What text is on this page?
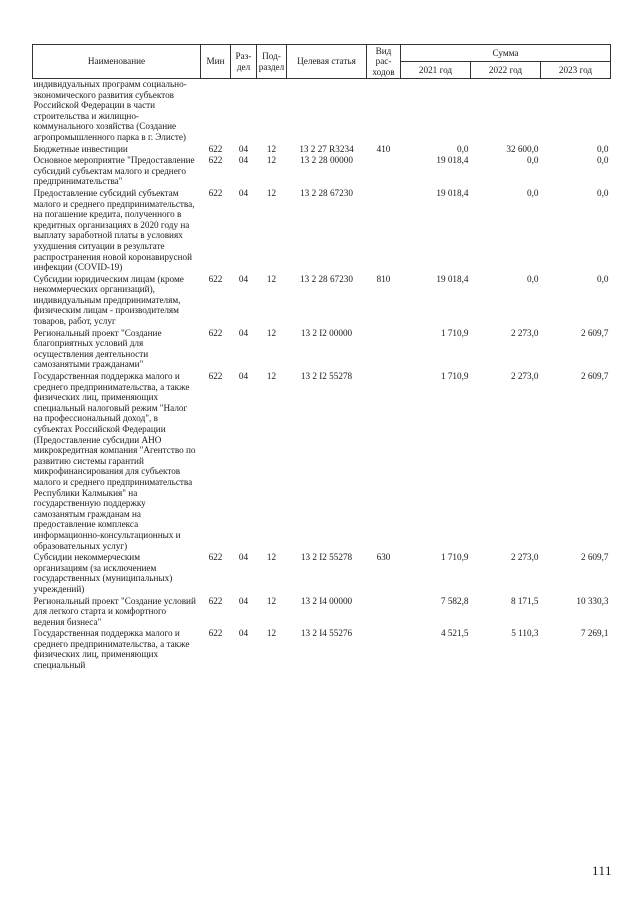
Наименование	Мин	Раз-дел	Под-раздел	Целевая статья	Вид рас-ходов	Сумма		
						2021 год	2022 год	2023 год
индивидуальных программ социально-экономического развития субъектов Российской Федерации в части строительства и жилищно-коммунального хозяйства (Создание агропромышленного парка в г. Элисте)								
Бюджетные инвестиции	622	04	12	13 2 27 R3234	410	0,0	32 600,0	0,0
Основное мероприятие "Предоставление субсидий субъектам малого и среднего предпринимательства"	622	04	12	13 2 28 00000		19 018,4	0,0	0,0
Предоставление субсидий субъектам малого и среднего предпринимательства, на погашение кредита, полученного в кредитных организациях в 2020 году на выплату заработной платы в условиях ухудшения ситуации в результате распространения новой коронавирусной инфекции (COVID-19)	622	04	12	13 2 28 67230		19 018,4	0,0	0,0
Субсидии юридическим лицам (кроме некоммерческих организаций), индивидуальным предпринимателям, физическим лицам - производителям товаров, работ, услуг	622	04	12	13 2 28 67230	810	19 018,4	0,0	0,0
Региональный проект "Создание благоприятных условий для осуществления деятельности самозанятыми гражданами"	622	04	12	13 2 I2 00000		1 710,9	2 273,0	2 609,7
Государственная поддержка малого и среднего предпринимательства, а также физических лиц, применяющих специальный налоговый режим "Налог на профессиональный доход", в субъектах Российской Федерации (Предоставление субсидии АНО микрокредитная компания "Агентство по развитию системы гарантий микрофинансирования для субъектов малого и среднего предпринимательства Республики Калмыкия" на государственную поддержку самозанятым гражданам на предоставление комплекса информационно-консультационных и образовательных услуг)	622	04	12	13 2 I2 55278		1 710,9	2 273,0	2 609,7
Субсидии некоммерческим организациям (за исключением государственных (муниципальных) учреждений)	622	04	12	13 2 I2 55278	630	1 710,9	2 273,0	2 609,7
Региональный проект "Создание условий для легкого старта и комфортного ведения бизнеса"	622	04	12	13 2 I4 00000		7 582,8	8 171,5	10 330,3
Государственная поддержка малого и среднего предпринимательства, а также физических лиц, применяющих специальный	622	04	12	13 2 I4 55276		4 521,5	5 110,3	7 269,1
111
